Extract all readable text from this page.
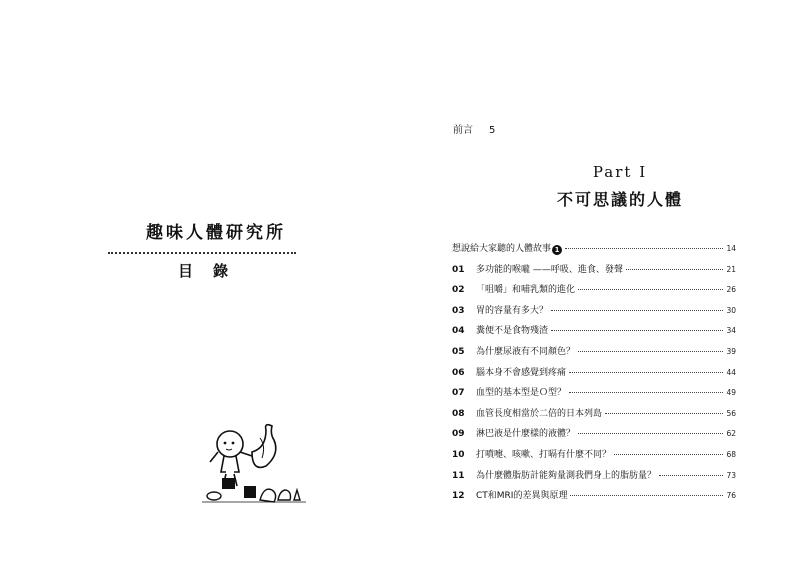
趣味人體研究所
目 錄
前言 5
Part I
不可思議的人體
想說給大家聽的人體故事 1	14
01	多功能的喉嚨 ——呼吸、進食、發聲	21
02	「咀嚼」和哺乳類的進化	26
03	胃的容量有多大？	30
04	糞便不是食物殘渣	34
05	為什麼尿液有不同顏色？	39
06	腦本身不會感覺到疼痛	44
07	血型的基本型是Ｏ型？	49
08	血管長度相當於二倍的日本列島	56
09	淋巴液是什麼樣的液體？	62
10	打噴嚏、咳嗽、打嗝有什麼不同？	68
11	為什麼體脂肪計能夠量測我們身上的脂肪量？	73
12	CT和MRI的差異與原理	76
